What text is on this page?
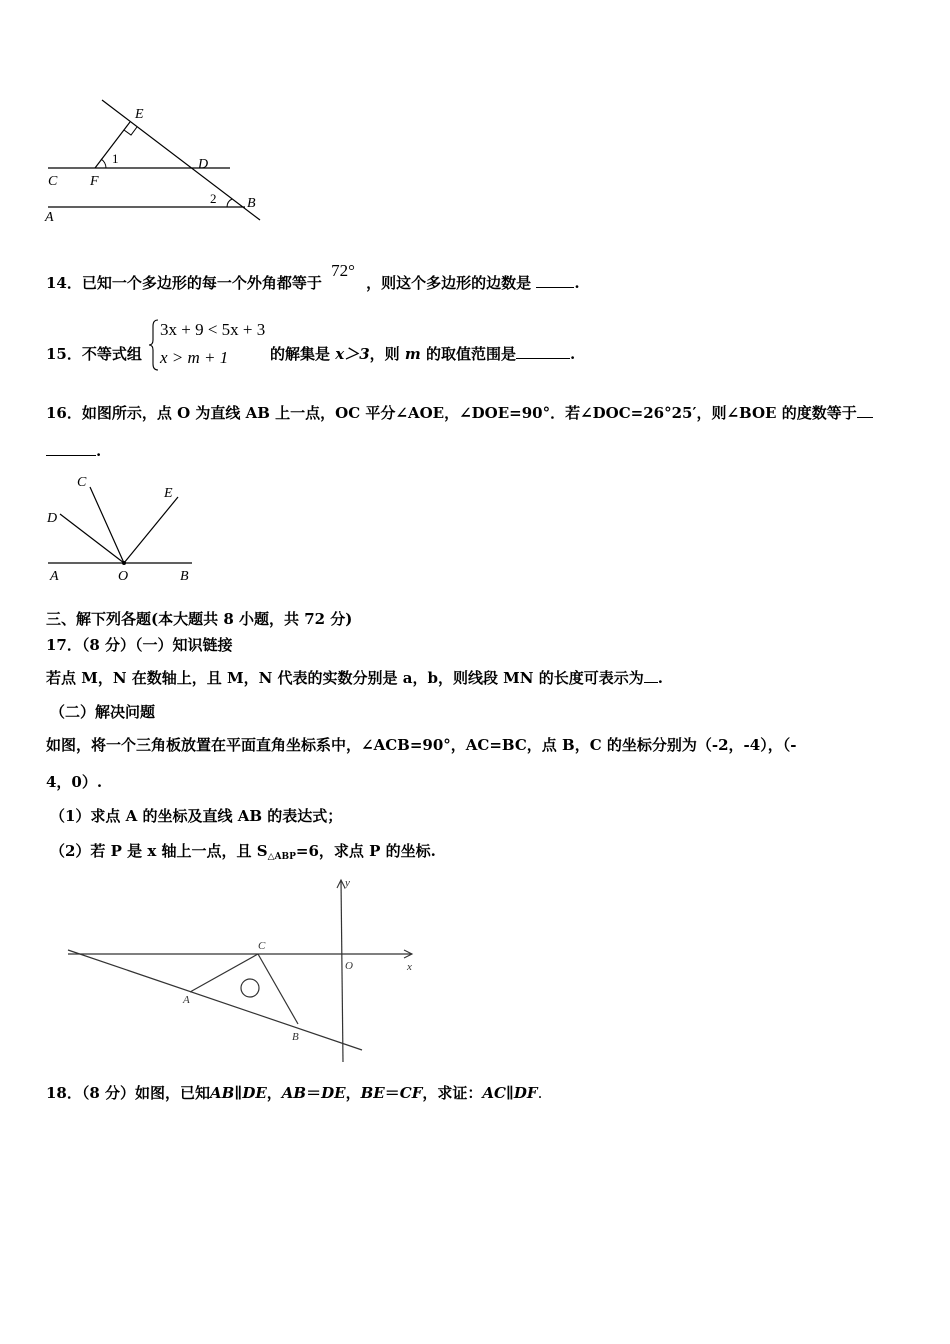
E
D
C F
A
B
1
2
14．已知一个多边形的每一个外角都等于 72° ，则这个多边形的边数是	.
15．不等式组
3x + 9 < 5x + 3
x > m + 1	的解集是 x＞3，则 m 的取值范围是	.
16．如图所示，点 O 为直线 AB 上一点，OC 平分∠AOE，∠DOE=90°．若∠DOC=26°25′，则∠BOE 的度数等于
.
C
E
D
A	O	B
三、解下列各题(本大题共 8 小题，共 72 分)
17．（8 分）（一）知识链接
若点 M，N 在数轴上，且 M，N 代表的实数分别是 a，b，则线段 MN 的长度可表示为 .
（二）解决问题
如图，将一个三角板放置在平面直角坐标系中，∠ACB=90°，AC=BC，点 B，C 的坐标分别为（-2，-4），（-
4，0）.
（1）求点 A 的坐标及直线 AB 的表达式；
（2）若 P 是 x 轴上一点，且 $S_{\triangle ABP}=6$，求点 P 的坐标.
y
x
O
C
A
B
18．（8 分）如图，已知AB∥DE，AB＝DE，BE＝CF，求证：AC∥DF.
